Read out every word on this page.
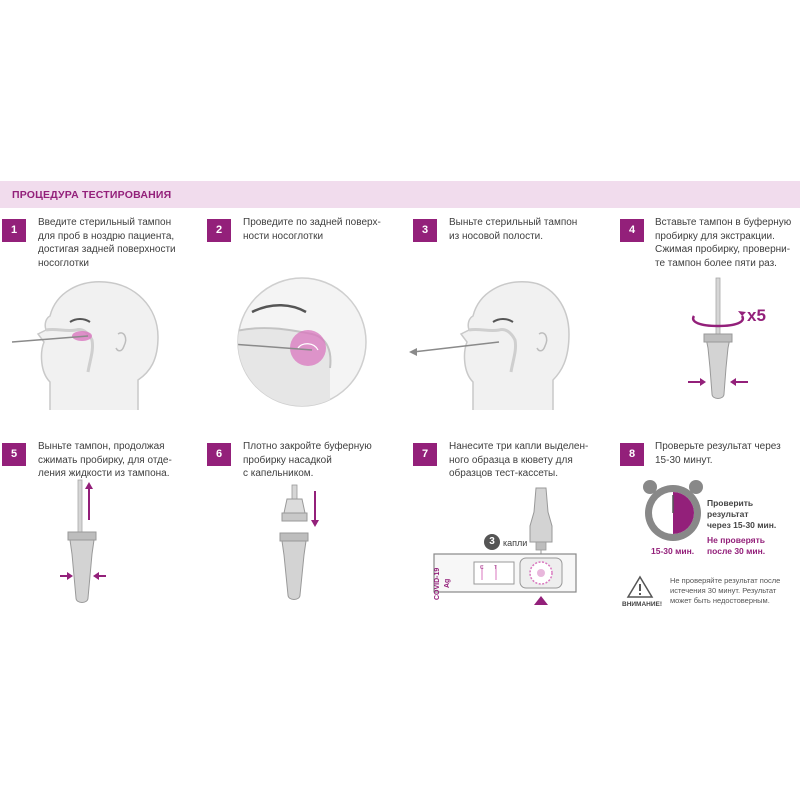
ПРОЦЕДУРА ТЕСТИРОВАНИЯ
1
Введите стерильный тампон
для проб в ноздрю пациента,
достигая задней поверхности
носоглотки
2
Проведите по задней поверх-
ности носоглотки	3
Выньте стерильный тампон
из носовой полости.	4
Вставьте тампон в буферную
пробирку для экстракции.
Сжимая пробирку, проверни-
те тампон более пяти раз.
x5
5
Выньте тампон, продолжая
сжимать пробирку, для отде-
ления жидкости из тампона.
6
Плотно закройте буферную
пробирку насадкой
с капельником.
7
Нанесите три капли выделен-
ного образца в кювету для
образцов тест-кассеты.
3 капли
COVID-19 Ag
C T
8
Проверьте результат через
15-30 минут.
15-30 мин.
Проверить
результат
через 15-30 мин.
Не проверять
после 30 мин.
ВНИМАНИЕ!
Не проверяйте результат после
истечения 30 минут. Результат
может быть недостоверным.
